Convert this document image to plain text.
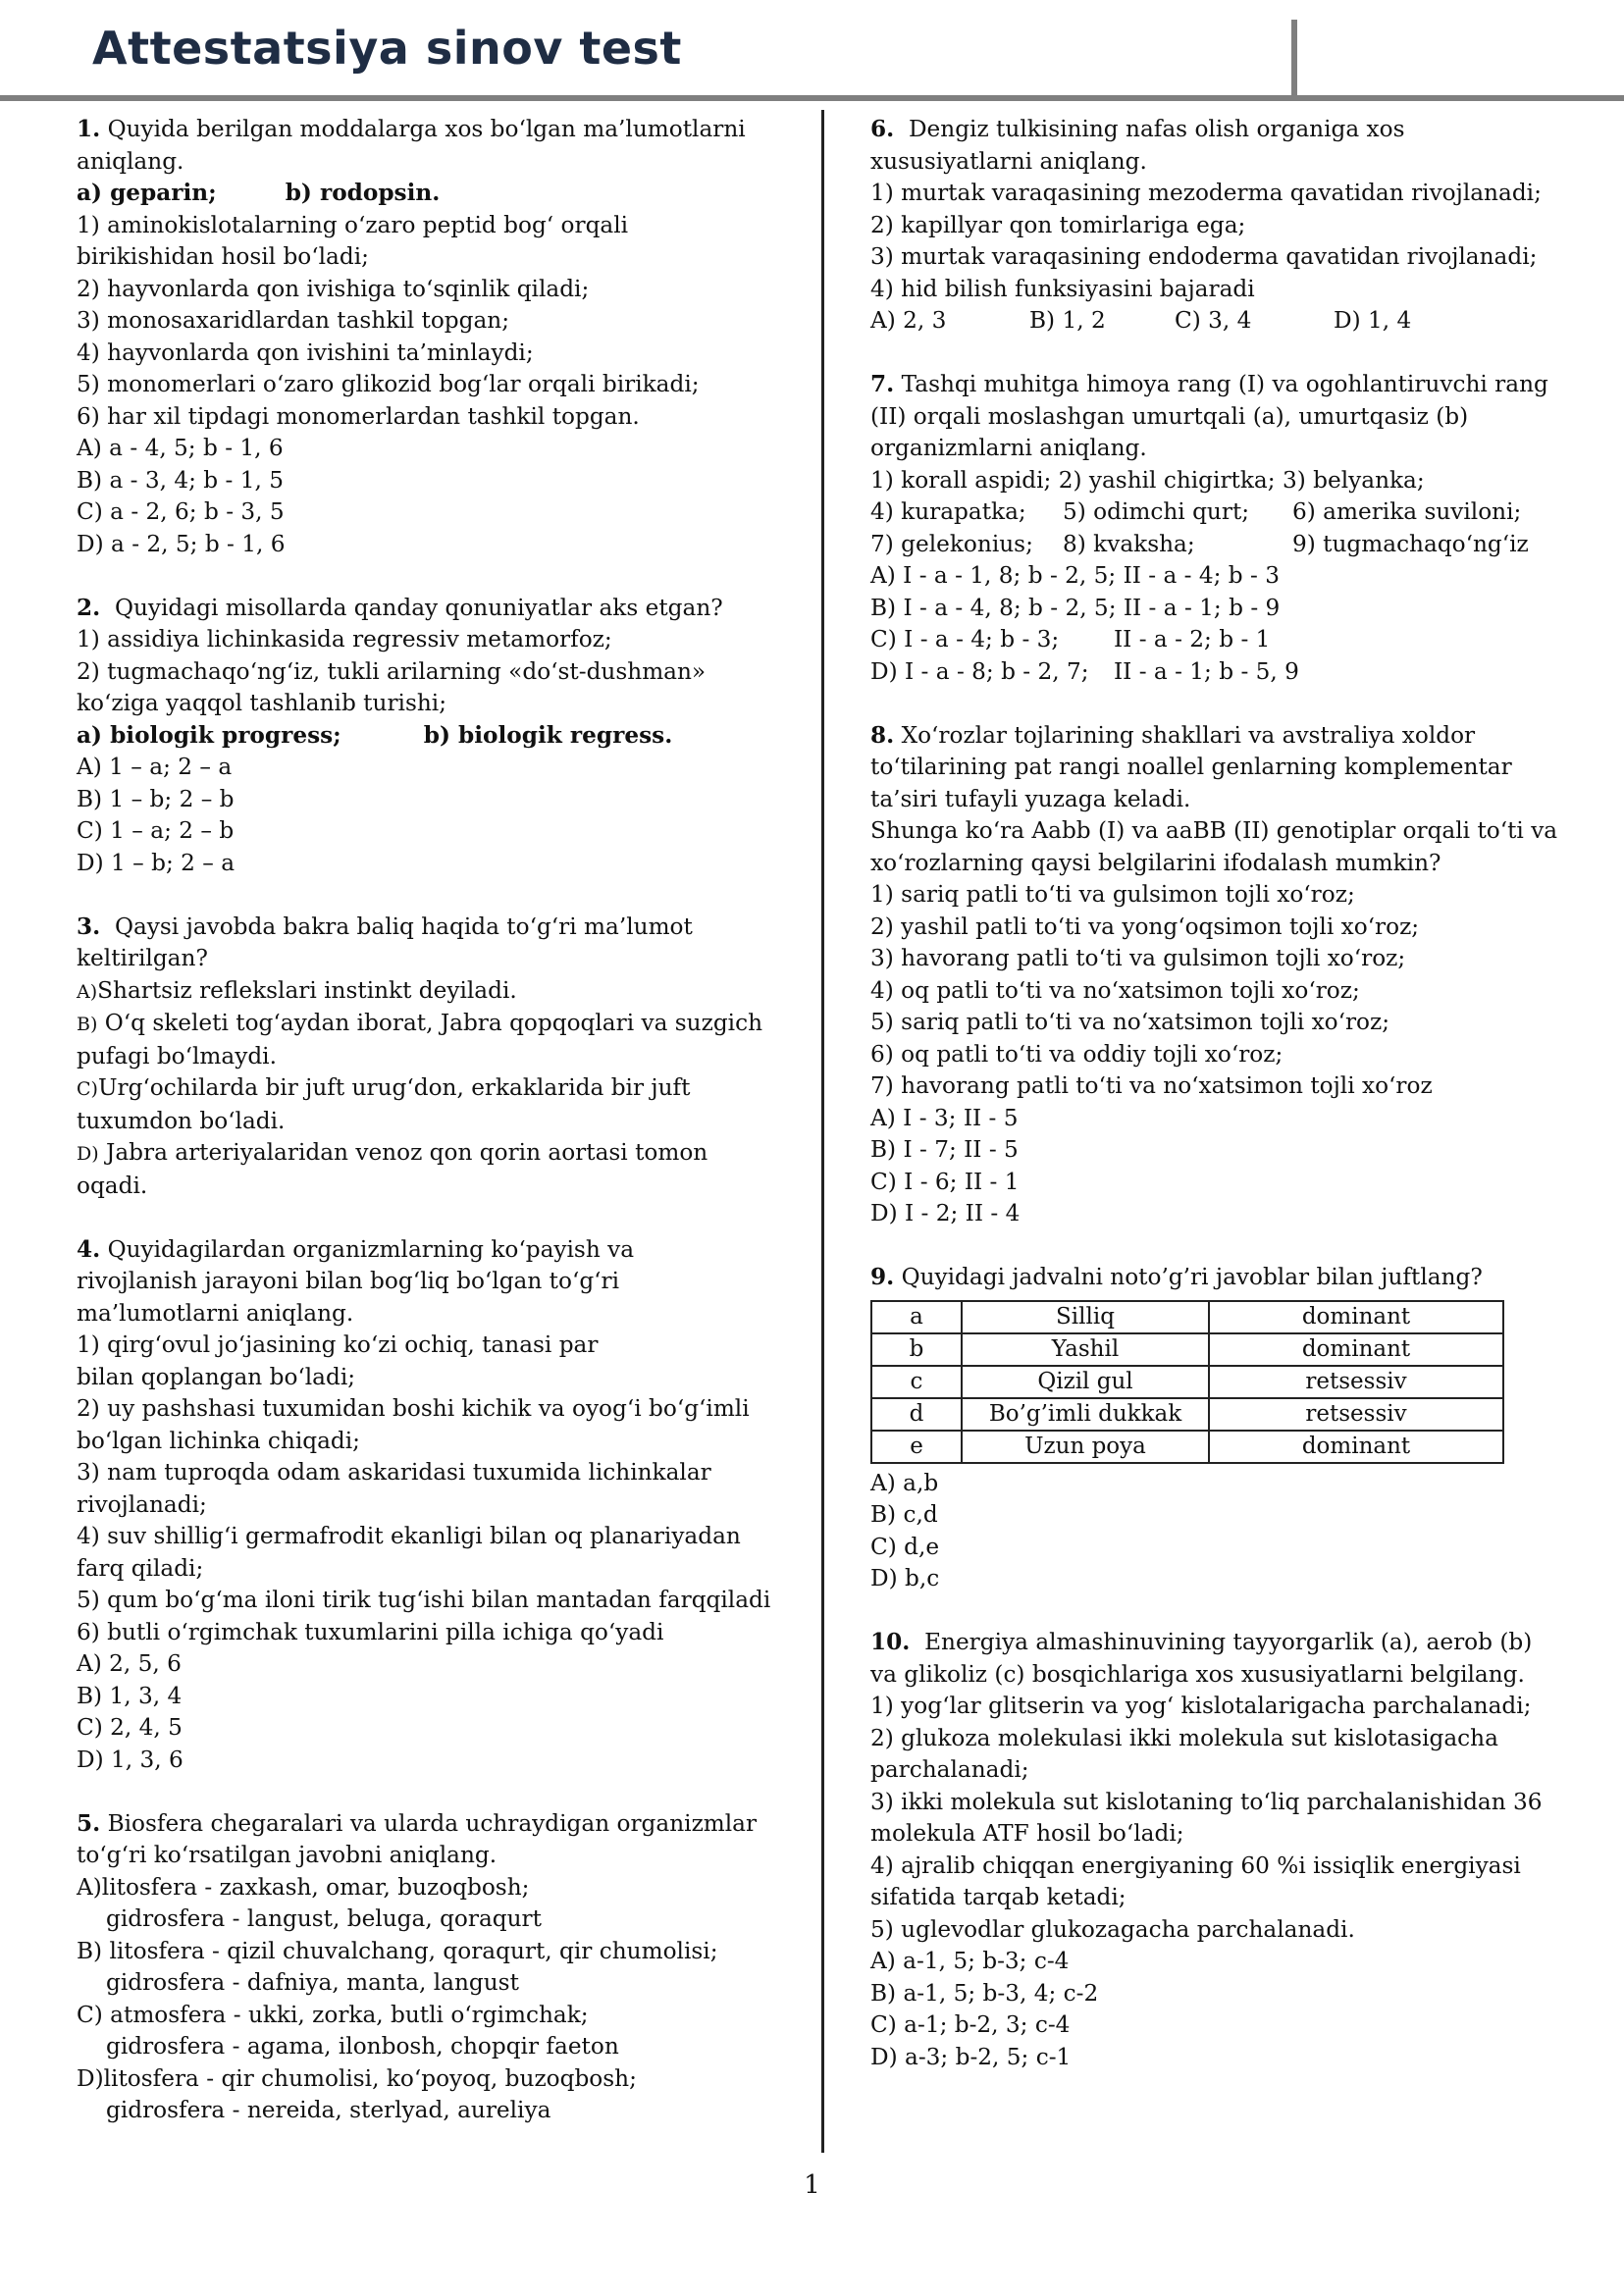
Attestatsiya sinov test
1. Quyida berilgan moddalarga xos bo‘lgan ma’lumotlarni
aniqlang.
a) geparin;	b) rodopsin.
1) aminokislotalarning o‘zaro peptid bog‘ orqali
birikishidan hosil bo‘ladi;
2) hayvonlarda qon ivishiga to‘sqinlik qiladi;
3) monosaxaridlardan tashkil topgan;
4) hayvonlarda qon ivishini ta’minlaydi;
5) monomerlari o‘zaro glikozid bog‘lar orqali birikadi;
6) har xil tipdagi monomerlardan tashkil topgan.
A) a - 4, 5; b - 1, 6
B) a - 3, 4; b - 1, 5
C) a - 2, 6; b - 3, 5
D) a - 2, 5; b - 1, 6
2. Quyidagi misollarda qanday qonuniyatlar aks etgan?
1) assidiya lichinkasida regressiv metamorfoz;
2) tugmachaqo‘ng‘iz, tukli arilarning «do‘st-dushman»
ko‘ziga yaqqol tashlanib turishi;
a) biologik progress;	b) biologik regress.
A) 1 – a; 2 – a
B) 1 – b; 2 – b
C) 1 – a; 2 – b
D) 1 – b; 2 – a
3. Qaysi javobda bakra baliq haqida to‘g‘ri ma’lumot
keltirilgan?
A)Shartsiz reflekslari instinkt deyiladi.
B) O‘q skeleti tog‘aydan iborat, Jabra qopqoqlari va suzgich
pufagi bo‘lmaydi.
C)Urg‘ochilarda bir juft urug‘don, erkaklarida bir juft
tuxumdon bo‘ladi.
D) Jabra arteriyalaridan venoz qon qorin aortasi tomon
oqadi.
4. Quyidagilardan organizmlarning ko‘payish va
rivojlanish jarayoni bilan bog‘liq bo‘lgan to‘g‘ri
ma’lumotlarni aniqlang.
1) qirg‘ovul jo‘jasining ko‘zi ochiq, tanasi par
bilan qoplangan bo‘ladi;
2) uy pashshasi tuxumidan boshi kichik va oyog‘i bo‘g‘imli
bo‘lgan lichinka chiqadi;
3) nam tuproqda odam askaridasi tuxumida lichinkalar
rivojlanadi;
4) suv shillig‘i germafrodit ekanligi bilan oq planariyadan
farq qiladi;
5) qum bo‘g‘ma iloni tirik tug‘ishi bilan mantadan farqqiladi
6) butli o‘rgimchak tuxumlarini pilla ichiga qo‘yadi
A) 2, 5, 6
B) 1, 3, 4
C) 2, 4, 5
D) 1, 3, 6
5. Biosfera chegaralari va ularda uchraydigan organizmlar
to‘g‘ri ko‘rsatilgan javobni aniqlang.
A)litosfera - zaxkash, omar, buzoqbosh;
gidrosfera - langust, beluga, qoraqurt
B) litosfera - qizil chuvalchang, qoraqurt, qir chumolisi;
gidrosfera - dafniya, manta, langust
C) atmosfera - ukki, zorka, butli o‘rgimchak;
gidrosfera - agama, ilonbosh, chopqir faeton
D)litosfera - qir chumolisi, ko‘poyoq, buzoqbosh;
gidrosfera - nereida, sterlyad, aureliya
6. Dengiz tulkisining nafas olish organiga xos
xususiyatlarni aniqlang.
1) murtak varaqasining mezoderma qavatidan rivojlanadi;
2) kapillyar qon tomirlariga ega;
3) murtak varaqasining endoderma qavatidan rivojlanadi;
4) hid bilish funksiyasini bajaradi
A) 2, 3	B) 1, 2	C) 3, 4	D) 1, 4
7. Tashqi muhitga himoya rang (I) va ogohlantiruvchi rang
(II) orqali moslashgan umurtqali (a), umurtqasiz (b)
organizmlarni aniqlang.
1) korall aspidi; 2) yashil chigirtka; 3) belyanka;
4) kurapatka;	5) odimchi qurt;	6) amerika suviloni;
7) gelekonius;	8) kvaksha;	9) tugmachaqo‘ng‘iz
A) I - a - 1, 8; b - 2, 5; II - a - 4; b - 3
B) I - a - 4, 8; b - 2, 5; II - a - 1; b - 9
C) I - a - 4; b - 3;	II - a - 2; b - 1
D) I - a - 8; b - 2, 7;	II - a - 1; b - 5, 9
8. Xo‘rozlar tojlarining shakllari va avstraliya xoldor
to‘tilarining pat rangi noallel genlarning komplementar
ta’siri tufayli yuzaga keladi.
Shunga ko‘ra Aabb (I) va aaBB (II) genotiplar orqali to‘ti va
xo‘rozlarning qaysi belgilarini ifodalash mumkin?
1) sariq patli to‘ti va gulsimon tojli xo‘roz;
2) yashil patli to‘ti va yong‘oqsimon tojli xo‘roz;
3) havorang patli to‘ti va gulsimon tojli xo‘roz;
4) oq patli to‘ti va no‘xatsimon tojli xo‘roz;
5) sariq patli to‘ti va no‘xatsimon tojli xo‘roz;
6) oq patli to‘ti va oddiy tojli xo‘roz;
7) havorang patli to‘ti va no‘xatsimon tojli xo‘roz
A) I - 3; II - 5
B) I - 7; II - 5
C) I - 6; II - 1
D) I - 2; II - 4
9. Quyidagi jadvalni noto’g’ri javoblar bilan juftlang?
a	Silliq	dominant
b	Yashil	dominant
c	Qizil gul	retsessiv
d	Bo’g’imli dukkak	retsessiv
e	Uzun poya	dominant
A) a,b
B) c,d
C) d,e
D) b,c
10. Energiya almashinuvining tayyorgarlik (a), aerob (b)
va glikoliz (c) bosqichlariga xos xususiyatlarni belgilang.
1) yog‘lar glitserin va yog‘ kislotalarigacha parchalanadi;
2) glukoza molekulasi ikki molekula sut kislotasigacha
parchalanadi;
3) ikki molekula sut kislotaning to‘liq parchalanishidan 36
molekula ATF hosil bo‘ladi;
4) ajralib chiqqan energiyaning 60 %i issiqlik energiyasi
sifatida tarqab ketadi;
5) uglevodlar glukozagacha parchalanadi.
A) a-1, 5; b-3; c-4
B) a-1, 5; b-3, 4; c-2
C) a-1; b-2, 3; c-4
D) a-3; b-2, 5; c-1
1
